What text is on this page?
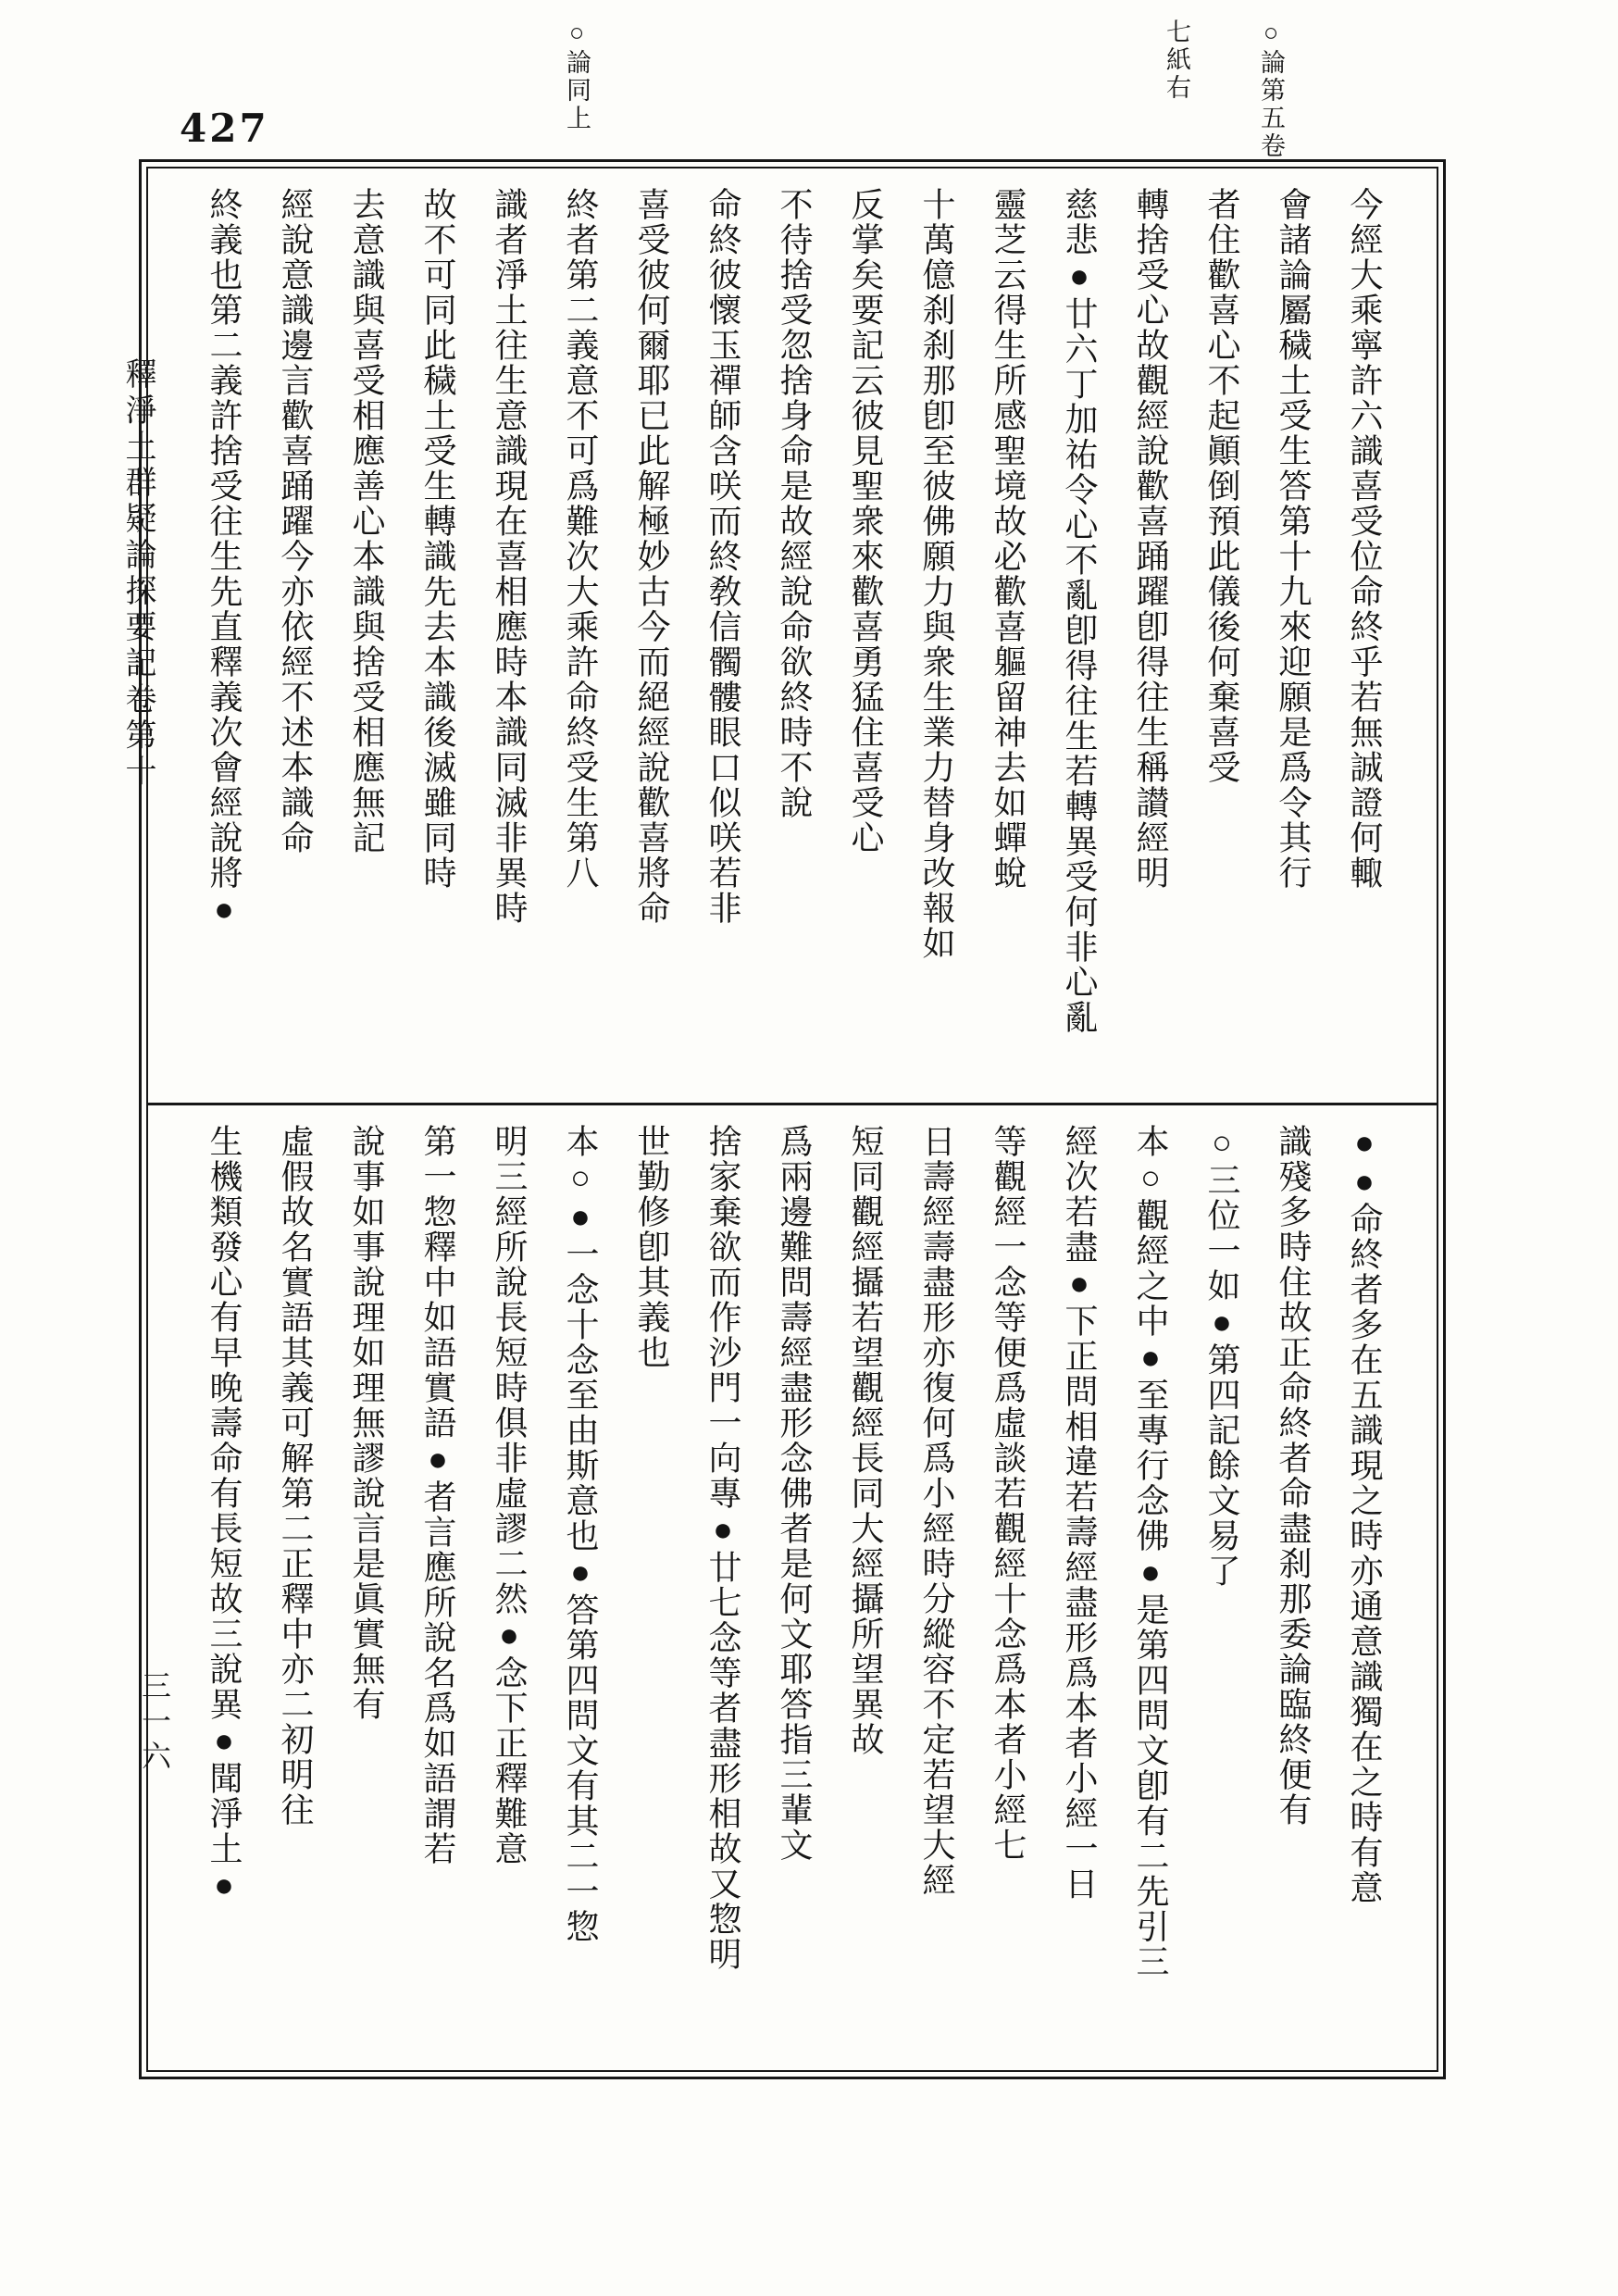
427	○論同上

	○論第五卷

七紙右

釋淨土群疑論探要記卷第十
三一六
今經大乘寧許六識喜受位命終乎若無誠證何輙
會諸論屬穢土受生答第十九來迎願是爲令其行
者住歡喜心不起顚倒預此儀後何棄喜受
轉捨受心故觀經說歡喜踊躍卽得往生稱讃經明
慈悲●廿六丁加祐令心不亂卽得往生若轉異受何非心亂
靈芝云得生所感聖境故必歡喜軀留神去如蟬蛻
十萬億刹刹那卽至彼佛願力與衆生業力替身改報如
反掌矣要記云彼見聖衆來歡喜勇猛住喜受心
不待捨受忽捨身命是故經說命欲終時不說
命終彼懷玉禪師含咲而終敎信髑髏眼口似咲若非
喜受彼何爾耶已此解極妙古今而絕經說歡喜將命
終者第二義意不可爲難次大乘許命終受生第八
識者淨土往生意識現在喜相應時本識同滅非異時
故不可同此穢土受生轉識先去本識後滅雖同時
去意識與喜受相應善心本識與捨受相應無記
經說意識邊言歡喜踊躍今亦依經不述本識命
終義也第二義許捨受往生先直釋義次會經說將●
●●命終者多在五識現之時亦通意識獨在之時有意
識殘多時住故正命終者命盡刹那委論臨終便有
○三位一如●第四記餘文易了
本○觀經之中●至專行念佛●是第四問文卽有二先引三
經次若盡●下正問相違若壽經盡形爲本者小經一日
等觀經一念等便爲虛談若觀經十念爲本者小經七
日壽經壽盡形亦復何爲小經時分縱容不定若望大經
短同觀經攝若望觀經長同大經攝所望異故
爲兩邊難問壽經盡形念佛者是何文耶答指三輩文
捨家棄欲而作沙門一向專●廿七念等者盡形相故又惣明
世勤修卽其義也
本○●一念十念至由斯意也●答第四問文有其二一惣
明三經所說長短時俱非虛謬二然●念下正釋難意
第一惣釋中如語實語●者言應所說名爲如語謂若
說事如事說理如理無謬說言是眞實無有
虛假故名實語其義可解第二正釋中亦二初明往
生機類發心有早晚壽命有長短故三說異●聞淨土●
